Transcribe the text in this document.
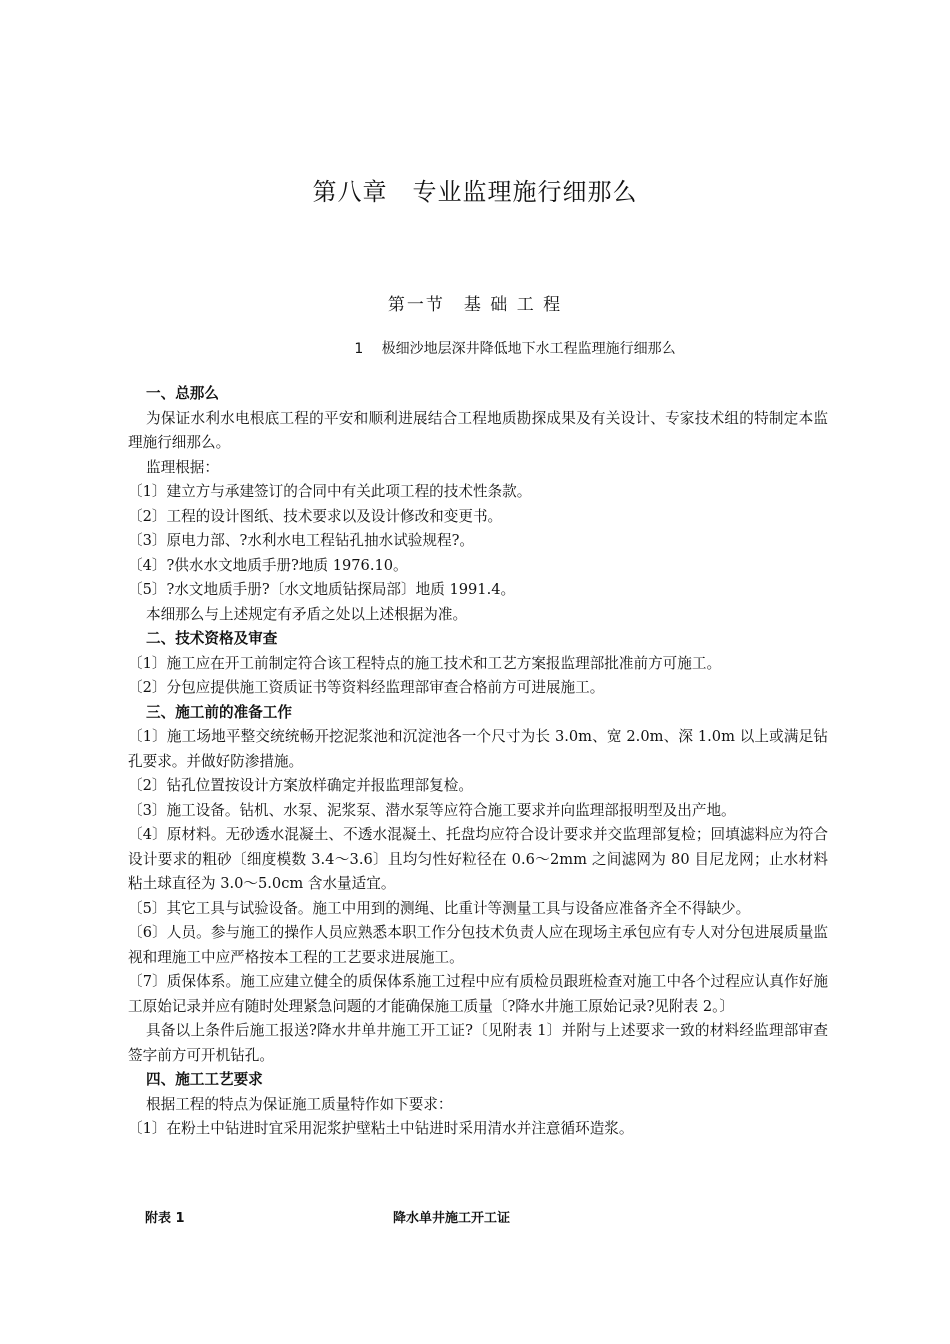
第八章　专业监理施行细那么
第一节　基 础 工 程
1　 极细沙地层深井降低地下水工程监理施行细那么

一、总那么

为保证水利水电根底工程的平安和顺利进展结合工程地质勘探成果及有关设计、专家技术组的特制定本监理施行细那么。

监理根据：

〔1〕建立方与承建签订的合同中有关此项工程的技术性条款。

〔2〕工程的设计图纸、技术要求以及设计修改和变更书。

〔3〕原电力部、?水利水电工程钻孔抽水试验规程?。

〔4〕?供水水文地质手册?地质 1976.10。

〔5〕?水文地质手册?〔水文地质钻探局部〕地质 1991.4。

本细那么与上述规定有矛盾之处以上述根据为准。

二、技术资格及审查

〔1〕施工应在开工前制定符合该工程特点的施工技术和工艺方案报监理部批准前方可施工。

〔2〕分包应提供施工资质证书等资料经监理部审查合格前方可进展施工。

三、施工前的准备工作

〔1〕施工场地平整交统统畅开挖泥浆池和沉淀池各一个尺寸为长 3.0m、宽 2.0m、深 1.0m 以上或满足钻孔要求。并做好防渗措施。

〔2〕钻孔位置按设计方案放样确定并报监理部复检。

〔3〕施工设备。钻机、水泵、泥浆泵、潜水泵等应符合施工要求并向监理部报明型及出产地。

〔4〕原材料。无砂透水混凝土、不透水混凝土、托盘均应符合设计要求并交监理部复检；回填滤料应为符合设计要求的粗砂〔细度模数 3.4～3.6〕且均匀性好粒径在 0.6～2mm 之间滤网为 80 目尼龙网；止水材料粘土球直径为 3.0～5.0cm 含水量适宜。

〔5〕其它工具与试验设备。施工中用到的测绳、比重计等测量工具与设备应准备齐全不得缺少。

〔6〕人员。参与施工的操作人员应熟悉本职工作分包技术负责人应在现场主承包应有专人对分包进展质量监视和理施工中应严格按本工程的工艺要求进展施工。

〔7〕质保体系。施工应建立健全的质保体系施工过程中应有质检员跟班检查对施工中各个过程应认真作好施工原始记录并应有随时处理紧急问题的才能确保施工质量〔?降水井施工原始记录?见附表 2。〕

具备以上条件后施工报送?降水井单井施工开工证?〔见附表 1〕并附与上述要求一致的材料经监理部审查签字前方可开机钻孔。

四、施工工艺要求

根据工程的特点为保证施工质量特作如下要求：

〔1〕在粉土中钻进时宜采用泥浆护壁粘土中钻进时采用清水并注意循环造浆。

附表 1	降水单井施工开工证
